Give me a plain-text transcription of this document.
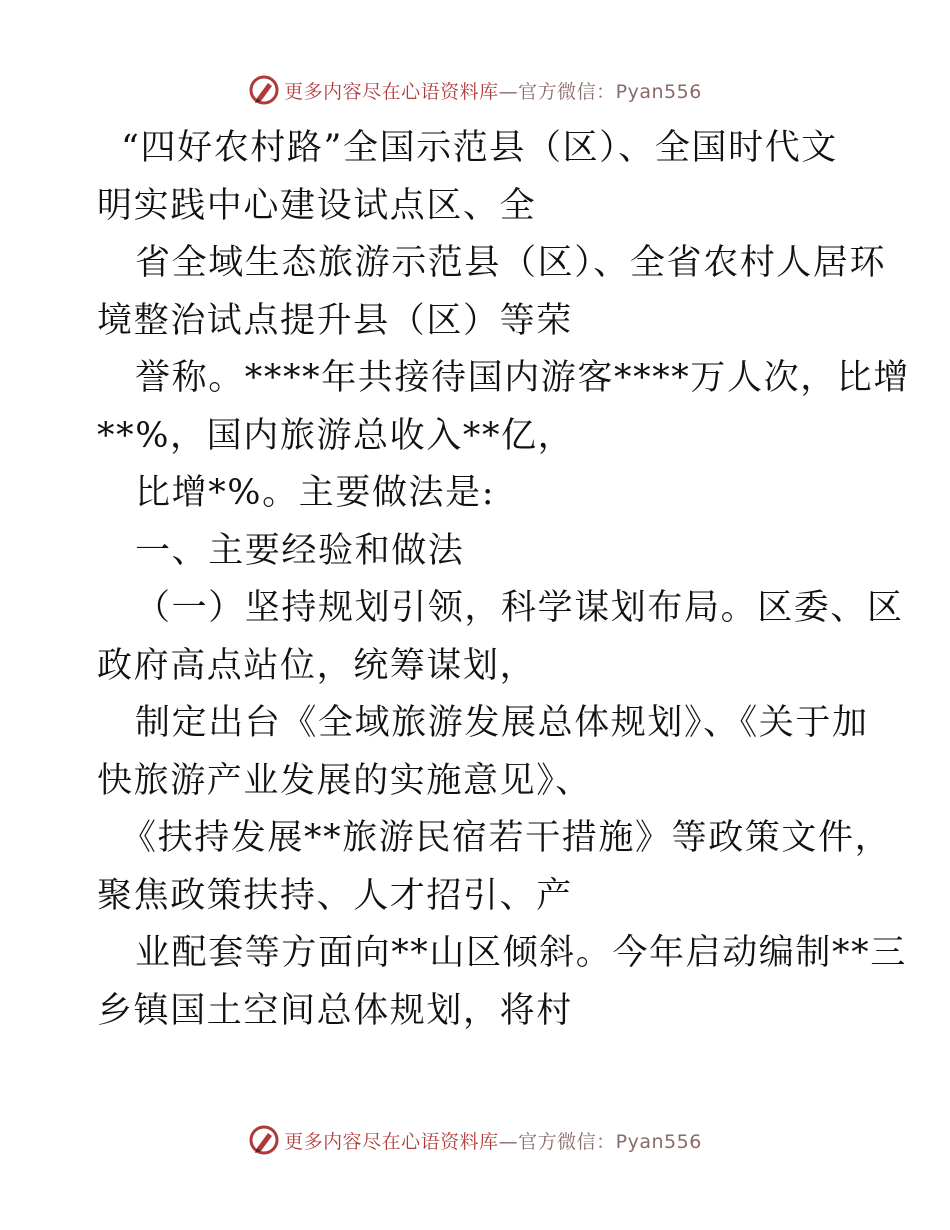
更多内容尽在心语资料库 —官方微信：Pyan556
“四好农村路”全国示范县（区）、全国时代文
明实践中心建设试点区、全
省全域生态旅游示范县（区）、全省农村人居环
境整治试点提升县（区）等荣
誉称。****年共接待国内游客****万人次，比增
**%，国内旅游总收入**亿，
比增*%。主要做法是:
一、主要经验和做法
（一）坚持规划引领，科学谋划布局。区委、区
政府高点站位，统筹谋划，
制定出台《全域旅游发展总体规划》、《关于加
快旅游产业发展的实施意见》、
《扶持发展**旅游民宿若干措施》等政策文件，
聚焦政策扶持、人才招引、产
业配套等方面向**山区倾斜。今年启动编制**三
乡镇国土空间总体规划，将村
更多内容尽在心语资料库 —官方微信：Pyan556
